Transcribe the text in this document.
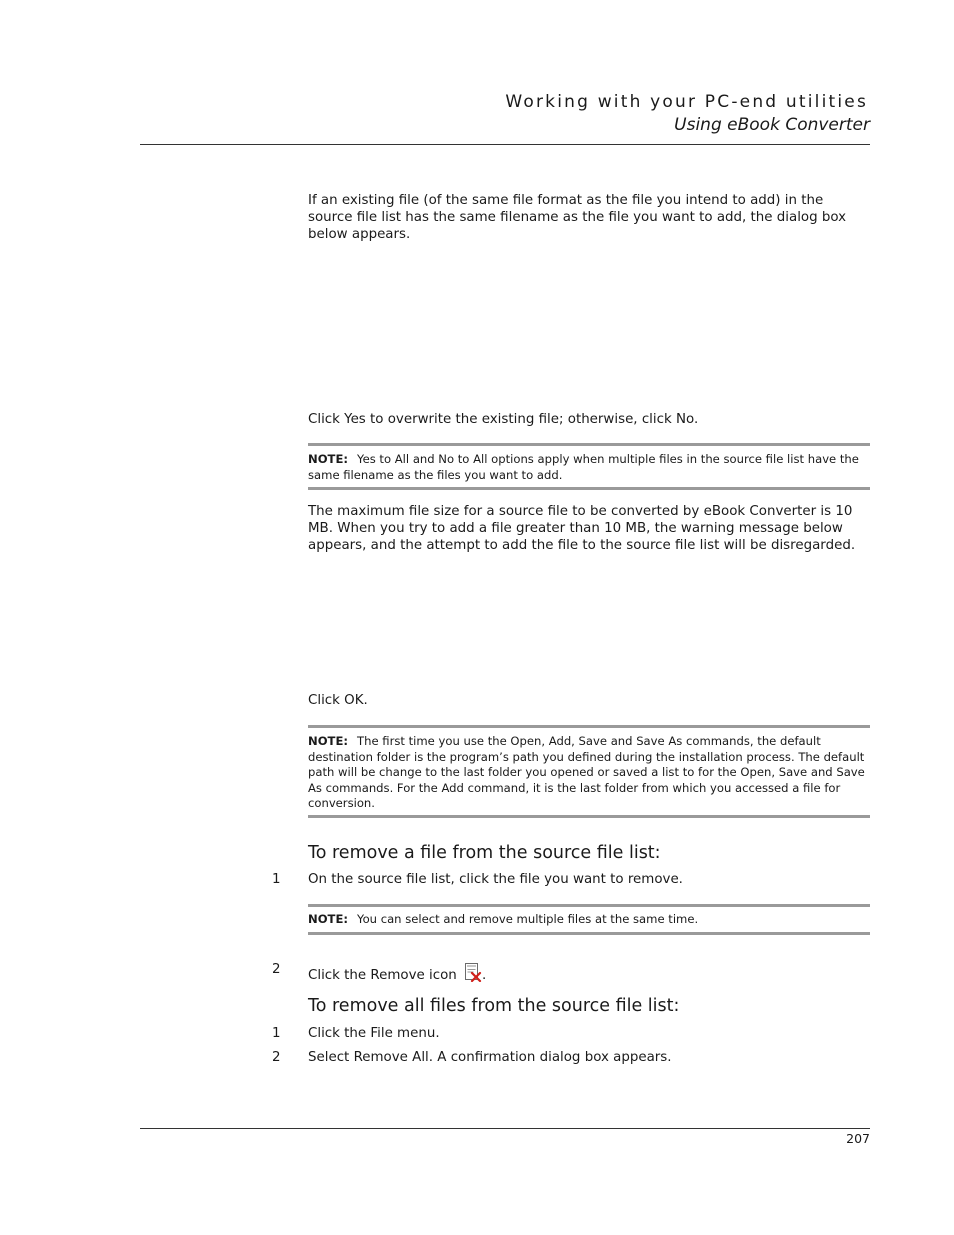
Working with your PC-end utilities
Using eBook Converter
If an existing file (of the same file format as the file you intend to add) in the source file list has the same filename as the file you want to add, the dialog box below appears.
Click Yes to overwrite the existing file; otherwise, click No.
NOTE: Yes to All and No to All options apply when multiple files in the source file list have the same filename as the files you want to add.
The maximum file size for a source file to be converted by eBook Converter is 10 MB. When you try to add a file greater than 10 MB, the warning message below appears, and the attempt to add the file to the source file list will be disregarded.
Click OK.
NOTE: The first time you use the Open, Add, Save and Save As commands, the default destination folder is the program’s path you defined during the installation process. The default path will be change to the last folder you opened or saved a list to for the Open, Save and Save As commands. For the Add command, it is the last folder from which you accessed a file for conversion.
To remove a file from the source file list:
1 On the source file list, click the file you want to remove.
NOTE: You can select and remove multiple files at the same time.
2 Click the Remove icon .
To remove all files from the source file list:
1 Click the File menu.
2 Select Remove All. A confirmation dialog box appears.
207
